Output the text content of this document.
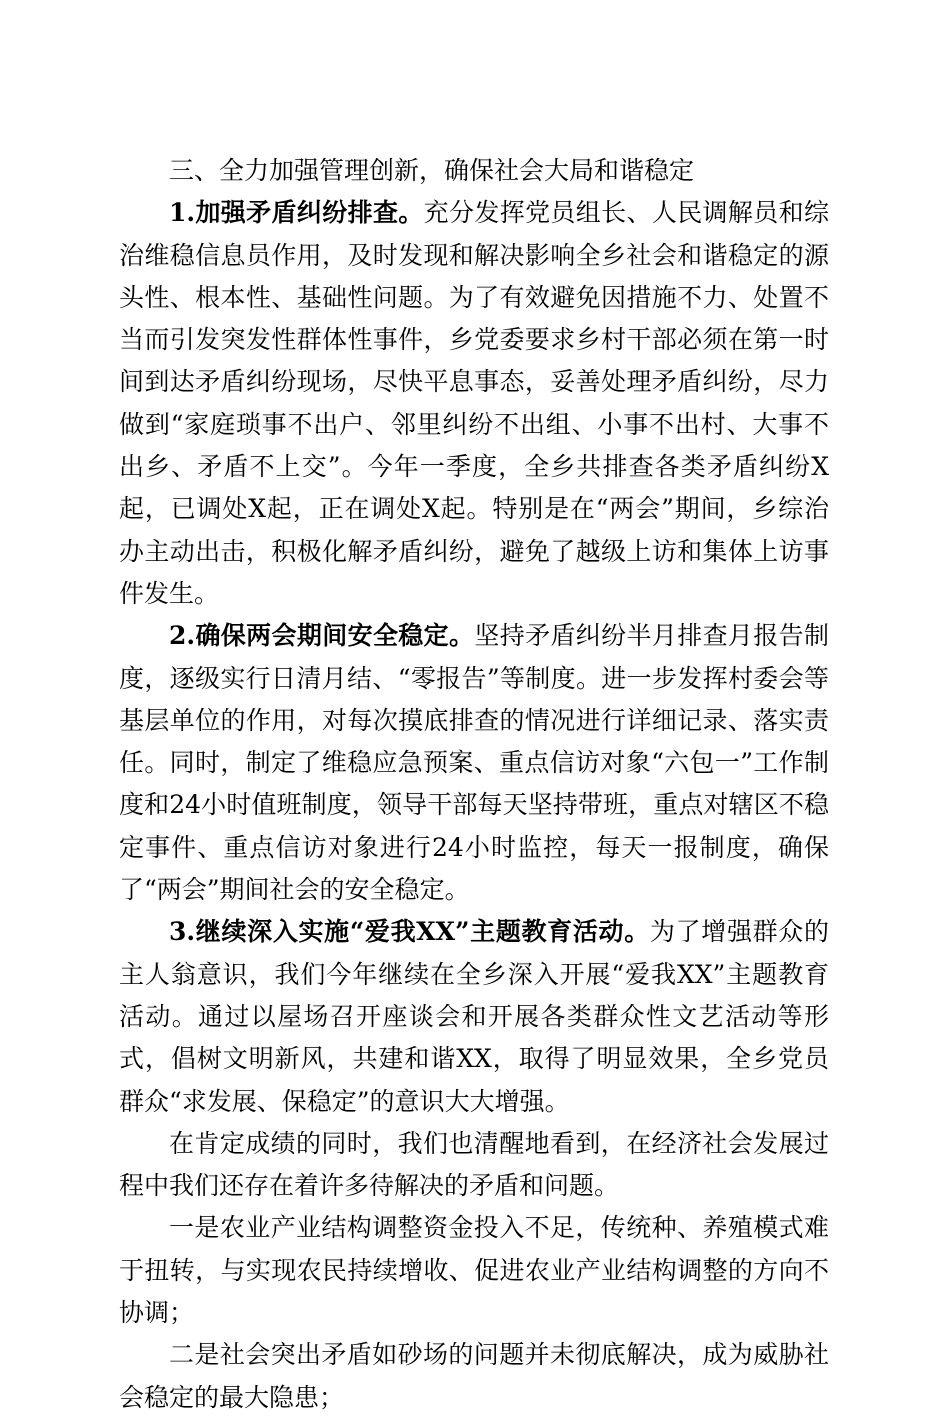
三、全力加强管理创新，确保社会大局和谐稳定

1.加强矛盾纠纷排查。充分发挥党员组长、人民调解员和综治维稳信息员作用，及时发现和解决影响全乡社会和谐稳定的源头性、根本性、基础性问题。为了有效避免因措施不力、处置不当而引发突发性群体性事件，乡党委要求乡村干部必须在第一时间到达矛盾纠纷现场，尽快平息事态，妥善处理矛盾纠纷，尽力做到“家庭琐事不出户、邻里纠纷不出组、小事不出村、大事不出乡、矛盾不上交”。今年一季度，全乡共排查各类矛盾纠纷X起，已调处X起，正在调处X起。特别是在“两会”期间，乡综治办主动出击，积极化解矛盾纠纷，避免了越级上访和集体上访事件发生。

2.确保两会期间安全稳定。坚持矛盾纠纷半月排查月报告制度，逐级实行日清月结、“零报告”等制度。进一步发挥村委会等基层单位的作用，对每次摸底排查的情况进行详细记录、落实责任。同时，制定了维稳应急预案、重点信访对象“六包一”工作制度和24小时值班制度，领导干部每天坚持带班，重点对辖区不稳定事件、重点信访对象进行24小时监控，每天一报制度，确保了“两会”期间社会的安全稳定。

3.继续深入实施“爱我XX”主题教育活动。为了增强群众的主人翁意识，我们今年继续在全乡深入开展“爱我XX”主题教育活动。通过以屋场召开座谈会和开展各类群众性文艺活动等形式，倡树文明新风，共建和谐XX，取得了明显效果，全乡党员群众“求发展、保稳定”的意识大大增强。

在肯定成绩的同时，我们也清醒地看到，在经济社会发展过程中我们还存在着许多待解决的矛盾和问题。

一是农业产业结构调整资金投入不足，传统种、养殖模式难于扭转，与实现农民持续增收、促进农业产业结构调整的方向不协调；

二是社会突出矛盾如砂场的问题并未彻底解决，成为威胁社会稳定的最大隐患；
